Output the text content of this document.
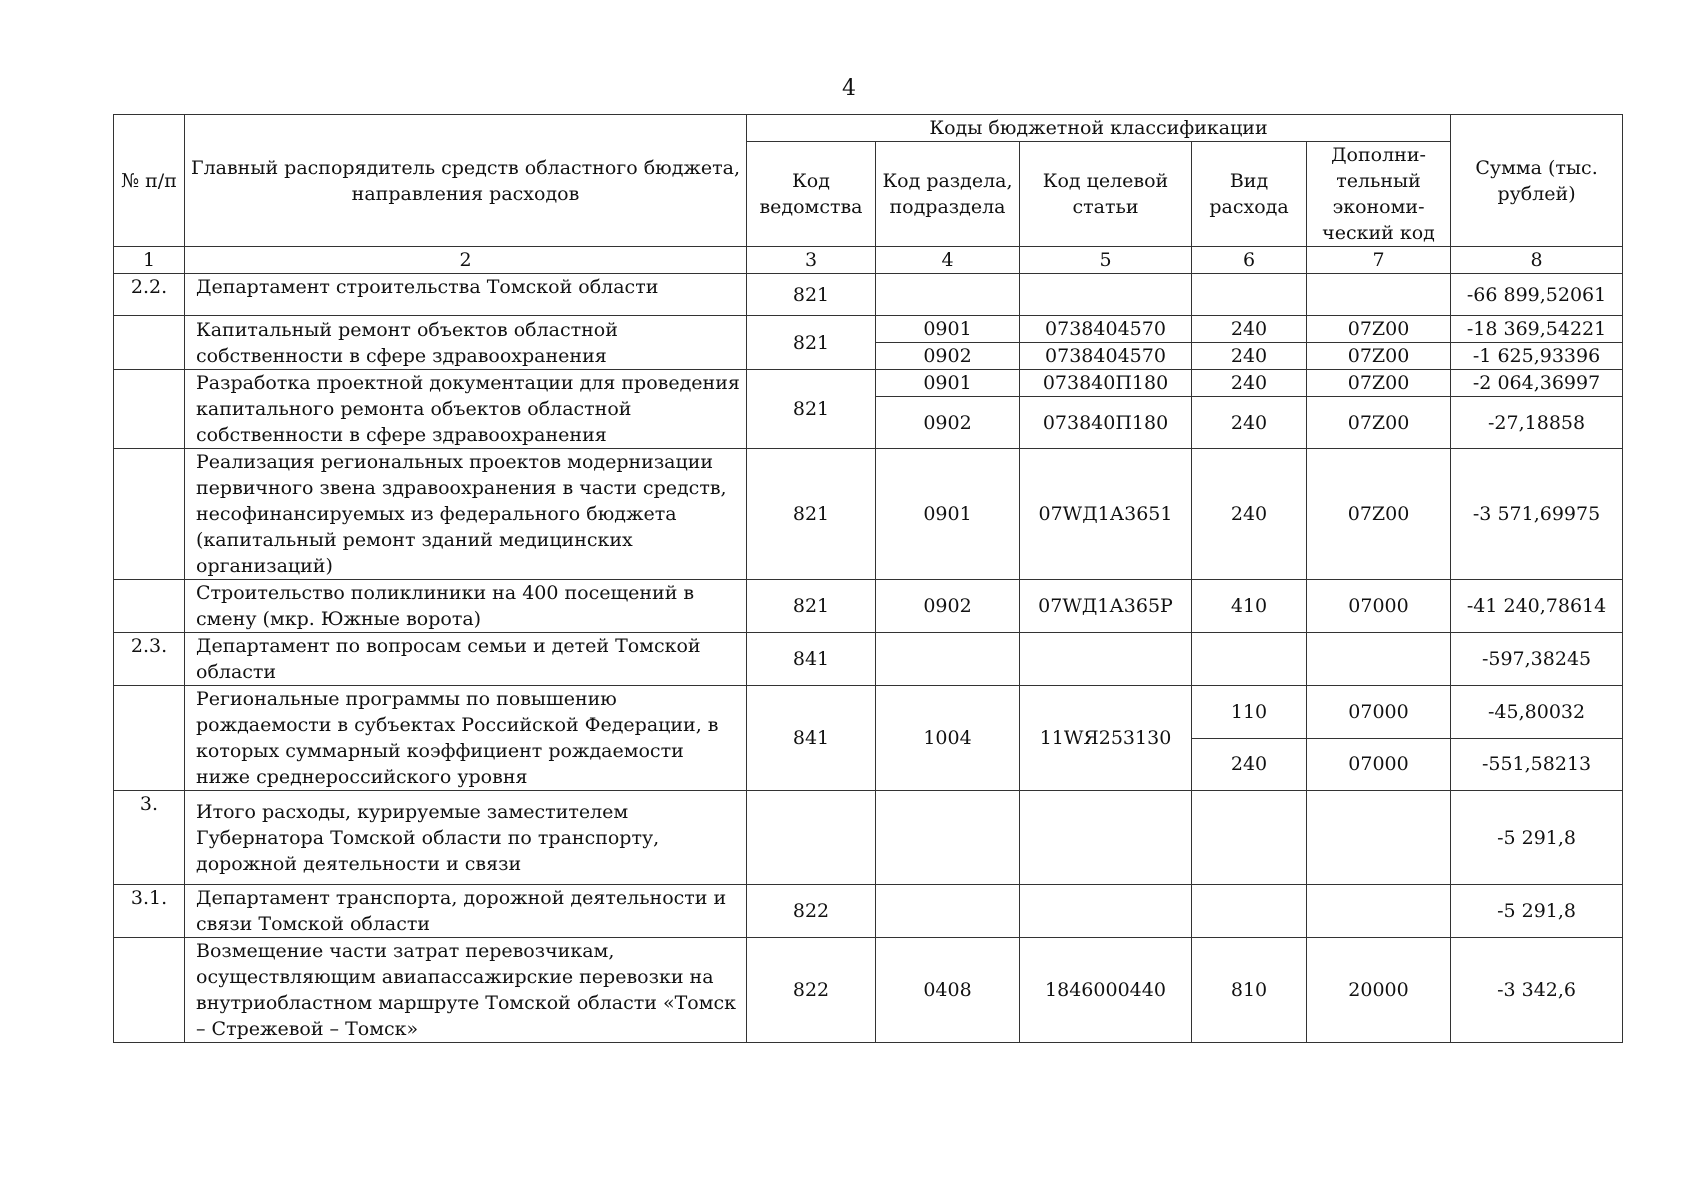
4
№ п/п	Главный распорядитель средств областного бюджета, направления расходов	Коды бюджетной классификации					Сумма (тыс. рублей)
		Код ведомства	Код раздела, подраздела	Код целевой статьи	Вид расхода	Дополни-тельный экономи-ческий код	
1	2	3	4	5	6	7	8
2.2.	Департамент строительства Томской области	821					-66 899,52061
	Капитальный ремонт объектов областной собственности в сфере здравоохранения	821	0901	0738404570	240	07Z00	-18 369,54221
			0902	0738404570	240	07Z00	-1 625,93396
	Разработка проектной документации для проведения капитального ремонта объектов областной собственности в сфере здравоохранения	821	0901	073840П180	240	07Z00	-2 064,36997
			0902	073840П180	240	07Z00	-27,18858
	Реализация региональных проектов модернизации первичного звена здравоохранения в части средств, несофинансируемых из федерального бюджета (капитальный ремонт зданий медицинских организаций)	821	0901	07WД1А3651	240	07Z00	-3 571,69975
	Строительство поликлиники на 400 посещений в смену (мкр. Южные ворота)	821	0902	07WД1А365Р	410	07000	-41 240,78614
2.3.	Департамент по вопросам семьи и детей Томской области	841					-597,38245
	Региональные программы по повышению рождаемости в субъектах Российской Федерации, в которых суммарный коэффициент рождаемости ниже среднероссийского уровня	841	1004	11WЯ253130	110	07000	-45,80032
					240	07000	-551,58213
3.	Итого расходы, курируемые заместителем Губернатора Томской области по транспорту, дорожной деятельности и связи						-5 291,8
3.1.	Департамент транспорта, дорожной деятельности и связи Томской области	822					-5 291,8
	Возмещение части затрат перевозчикам, осуществляющим авиапассажирские перевозки на внутриобластном маршруте Томской области «Томск – Стрежевой – Томск»	822	0408	1846000440	810	20000	-3 342,6
